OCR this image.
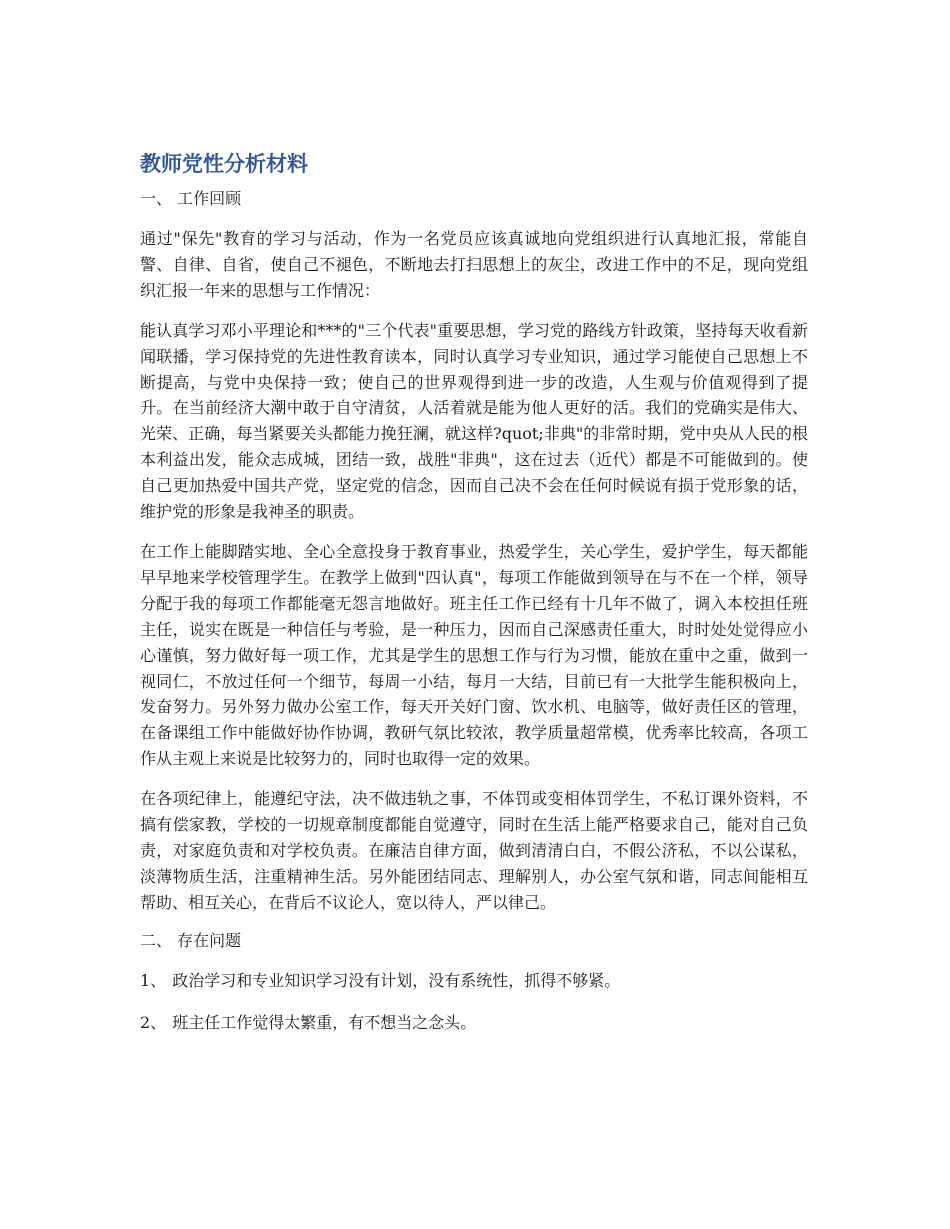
教师党性分析材料
一、 工作回顾

通过"保先"教育的学习与活动，作为一名党员应该真诚地向党组织进行认真地汇报，常能自警、自律、自省，使自己不褪色，不断地去打扫思想上的灰尘，改进工作中的不足，现向党组织汇报一年来的思想与工作情况：

能认真学习邓小平理论和***的"三个代表"重要思想，学习党的路线方针政策，坚持每天收看新闻联播，学习保持党的先进性教育读本，同时认真学习专业知识，通过学习能使自己思想上不断提高，与党中央保持一致；使自己的世界观得到进一步的改造，人生观与价值观得到了提升。在当前经济大潮中敢于自守清贫，人活着就是能为他人更好的活。我们的党确实是伟大、光荣、正确，每当紧要关头都能力挽狂澜，就这样?quot;非典"的非常时期，党中央从人民的根本利益出发，能众志成城，团结一致，战胜"非典"，这在过去（近代）都是不可能做到的。使自己更加热爱中国共产党，坚定党的信念，因而自己决不会在任何时候说有损于党形象的话，维护党的形象是我神圣的职责。

在工作上能脚踏实地、全心全意投身于教育事业，热爱学生，关心学生，爱护学生，每天都能早早地来学校管理学生。在教学上做到"四认真"，每项工作能做到领导在与不在一个样，领导分配于我的每项工作都能毫无怨言地做好。班主任工作已经有十几年不做了，调入本校担任班主任，说实在既是一种信任与考验，是一种压力，因而自己深感责任重大，时时处处觉得应小心谨慎，努力做好每一项工作，尤其是学生的思想工作与行为习惯，能放在重中之重，做到一视同仁，不放过任何一个细节，每周一小结，每月一大结，目前已有一大批学生能积极向上，发奋努力。另外努力做办公室工作，每天开关好门窗、饮水机、电脑等，做好责任区的管理，在备课组工作中能做好协作协调，教研气氛比较浓，教学质量超常模，优秀率比较高，各项工作从主观上来说是比较努力的，同时也取得一定的效果。

在各项纪律上，能遵纪守法，决不做违轨之事，不体罚或变相体罚学生，不私订课外资料，不搞有偿家教，学校的一切规章制度都能自觉遵守，同时在生活上能严格要求自己，能对自己负责，对家庭负责和对学校负责。在廉洁自律方面，做到清清白白，不假公济私，不以公谋私，淡薄物质生活，注重精神生活。另外能团结同志、理解别人，办公室气氛和谐，同志间能相互帮助、相互关心，在背后不议论人，宽以待人，严以律己。

二、 存在问题
1、 政治学习和专业知识学习没有计划，没有系统性，抓得不够紧。
2、 班主任工作觉得太繁重，有不想当之念头。
